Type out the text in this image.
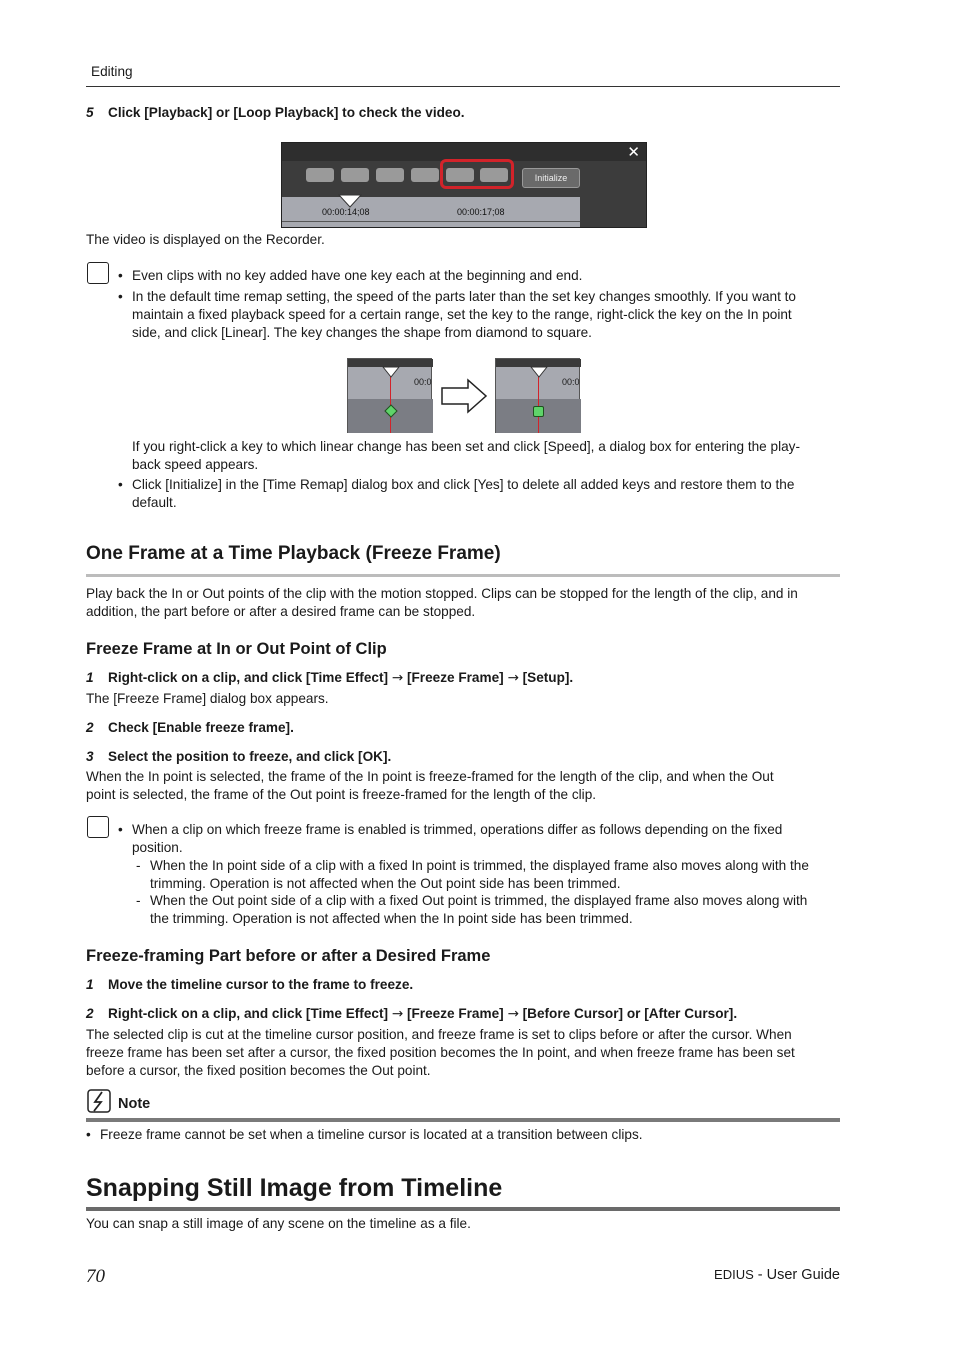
Editing
5 Click [Playback] or [Loop Playback] to check the video.
✕
Initialize
00:00:14;08	00:00:17;08
The video is displayed on the Recorder.
• Even clips with no key added have one key each at the beginning and end.
• In the default time remap setting, the speed of the parts later than the set key changes smoothly. If you want to
maintain a fixed playback speed for a certain range, set the key to the range, right-click the key on the In point
side, and click [Linear]. The key changes the shape from diamond to square.
00:0	00:0
If you right-click a key to which linear change has been set and click [Speed], a dialog box for entering the play-
back speed appears.
• Click [Initialize] in the [Time Remap] dialog box and click [Yes] to delete all added keys and restore them to the
default.
One Frame at a Time Playback (Freeze Frame)
Play back the In or Out points of the clip with the motion stopped. Clips can be stopped for the length of the clip, and in
addition, the part before or after a desired frame can be stopped.
Freeze Frame at In or Out Point of Clip
1 Right-click on a clip, and click [Time Effect] → [Freeze Frame] → [Setup].
The [Freeze Frame] dialog box appears.
2 Check [Enable freeze frame].
3 Select the position to freeze, and click [OK].
When the In point is selected, the frame of the In point is freeze-framed for the length of the clip, and when the Out
point is selected, the frame of the Out point is freeze-framed for the length of the clip.
• When a clip on which freeze frame is enabled is trimmed, operations differ as follows depending on the fixed
position.
- When the In point side of a clip with a fixed In point is trimmed, the displayed frame also moves along with the
trimming. Operation is not affected when the Out point side has been trimmed.
- When the Out point side of a clip with a fixed Out point is trimmed, the displayed frame also moves along with
the trimming. Operation is not affected when the In point side has been trimmed.
Freeze-framing Part before or after a Desired Frame
1 Move the timeline cursor to the frame to freeze.
2 Right-click on a clip, and click [Time Effect] → [Freeze Frame] → [Before Cursor] or [After Cursor].
The selected clip is cut at the timeline cursor position, and freeze frame is set to clips before or after the cursor. When
freeze frame has been set after a cursor, the fixed position becomes the In point, and when freeze frame has been set
before a cursor, the fixed position becomes the Out point.
Note
• Freeze frame cannot be set when a timeline cursor is located at a transition between clips.
Snapping Still Image from Timeline
You can snap a still image of any scene on the timeline as a file.
70	EDIUS - User Guide
